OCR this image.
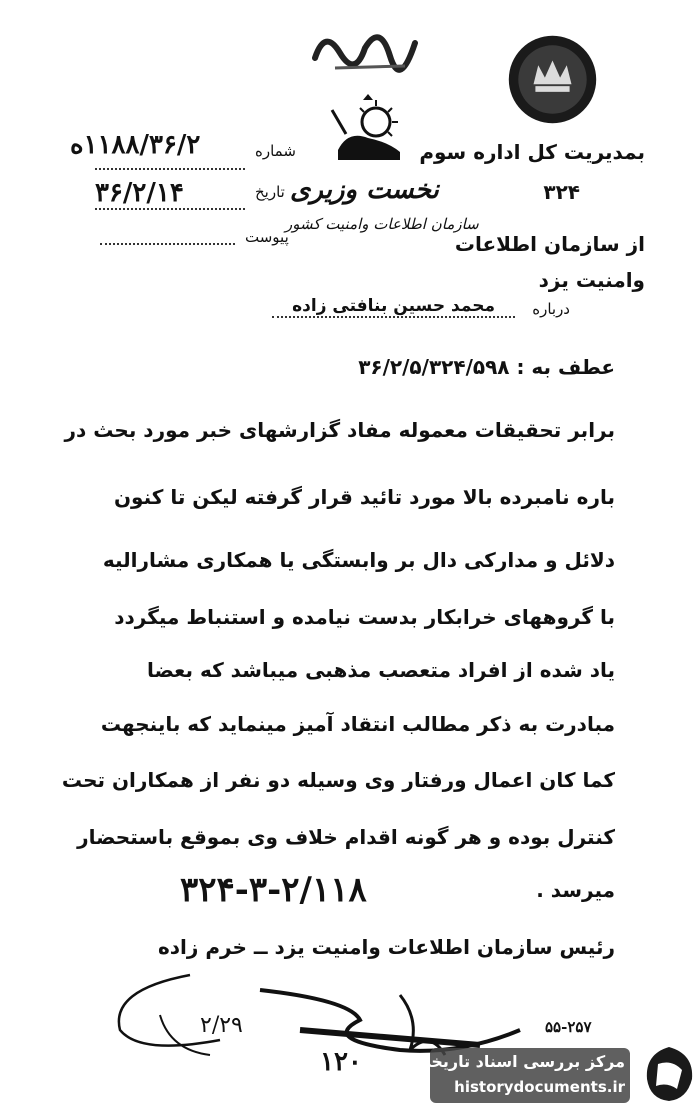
نخست وزیری
سازمان اطلاعات وامنیت کشور
شماره
۱۱۸۸/۳۶/۲ه
تاریخ
۳۶/۲/۱۴
پیوست
بمدیریت کل اداره سوم
۳۲۴
از سازمان اطلاعات
وامنیت یزد
درباره
محمد حسین بنافتی زاده
عطف به : ۳۶/۲/۵/۳۲۴/۵۹۸
برابر تحقیقات معموله مفاد گزارشهای خبر مورد بحث در
باره نامبرده بالا مورد تائید قرار گرفته لیکن تا کنون
دلائل و مدارکی دال بر وابستگی یا همکاری مشارالیه
با گروههای خرابکار بدست نیامده و استنباط میگردد
یاد شده از افراد متعصب مذهبی میباشد که بعضا
مبادرت به ذکر مطالب انتقاد آمیز مینماید که باینجهت
کما کان اعمال ورفتار وی وسیله دو نفر از همکاران تحت
کنترل بوده و هر گونه اقدام خلاف وی بموقع باستحضار
میرسد .
۳۲۴-۳-۲/۱۱۸
رئیس سازمان اطلاعات وامنیت یزد ــ خرم زاده
۲/۲۹
۱۲۰
۵۵-۲۵۷
مرکز بررسی اسناد تاریخی
historydocuments.ir
